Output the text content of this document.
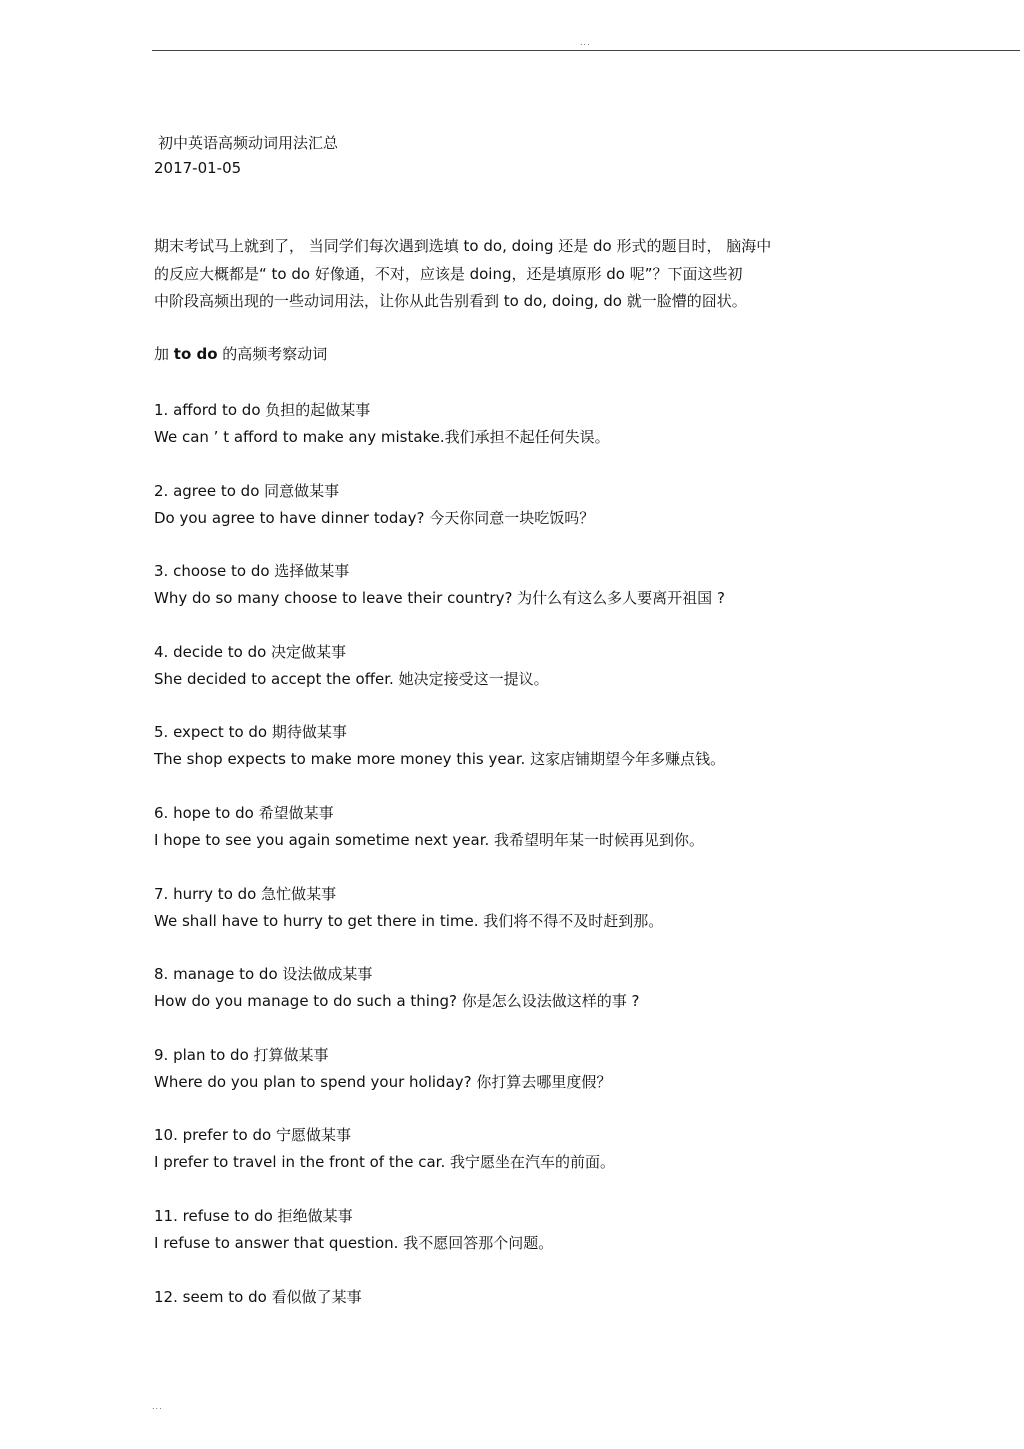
...
初中英语高频动词用法汇总
2017-01-05
期末考试马上就到了， 当同学们每次遇到选填 to do, doing 还是 do 形式的题目时， 脑海中
的反应大概都是“ to do 好像通，不对，应该是 doing，还是填原形 do 呢”？下面这些初
中阶段高频出现的一些动词用法，让你从此告别看到 to do, doing, do 就一脸懵的囧状。
加 to do 的高频考察动词
1. afford to do 负担的起做某事
We can ’ t afford to make any mistake.我们承担不起任何失误。
2. agree to do 同意做某事
Do you agree to have dinner today? 今天你同意一块吃饭吗？
3. choose to do 选择做某事
Why do so many choose to leave their country? 为什么有这么多人要离开祖国 ?
4. decide to do 决定做某事
She decided to accept the offer. 她决定接受这一提议。
5. expect to do 期待做某事
The shop expects to make more money this year. 这家店铺期望今年多赚点钱。
6. hope to do 希望做某事
I hope to see you again sometime next year. 我希望明年某一时候再见到你。
7. hurry to do 急忙做某事
We shall have to hurry to get there in time. 我们将不得不及时赶到那。
8. manage to do 设法做成某事
How do you manage to do such a thing? 你是怎么设法做这样的事 ?
9. plan to do 打算做某事
Where do you plan to spend your holiday? 你打算去哪里度假？
10. prefer to do 宁愿做某事
I prefer to travel in the front of the car. 我宁愿坐在汽车的前面。
11. refuse to do 拒绝做某事
I refuse to answer that question. 我不愿回答那个问题。
12. seem to do 看似做了某事
...
